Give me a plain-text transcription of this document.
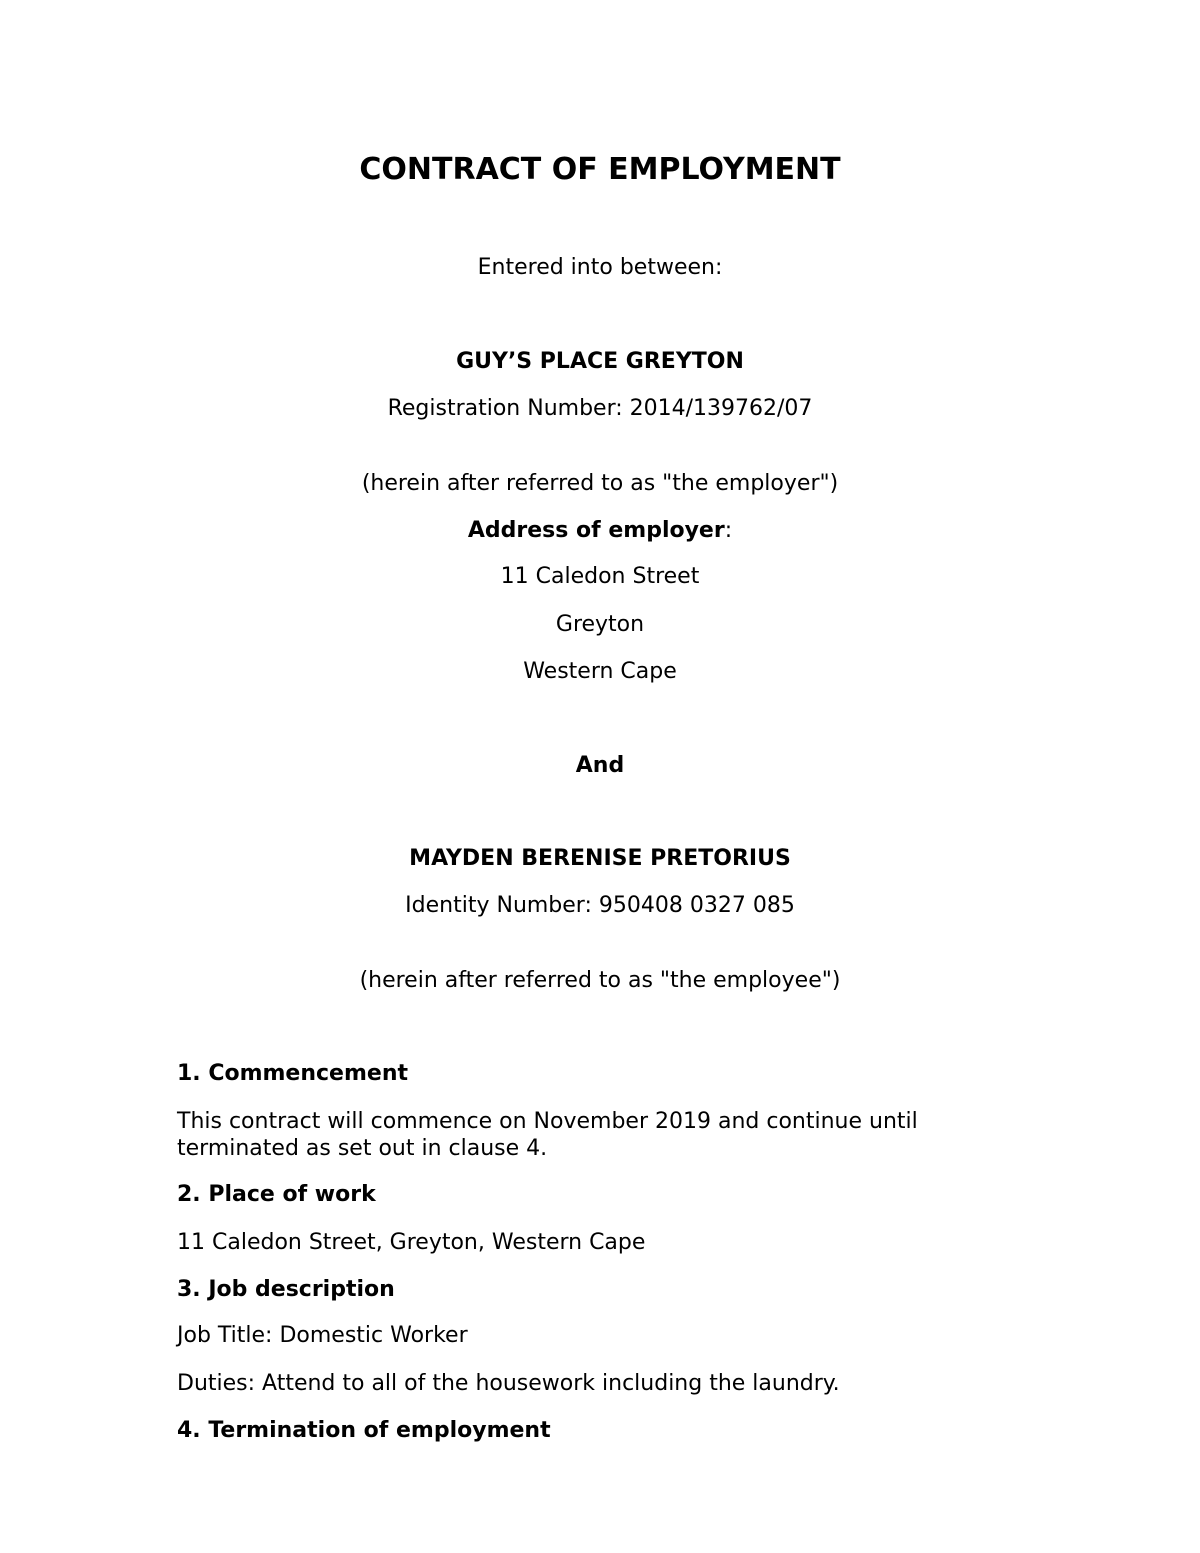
CONTRACT OF EMPLOYMENT
Entered into between:
GUY’S PLACE GREYTON
Registration Number: 2014/139762/07
(herein after referred to as "the employer")
Address of employer:
11 Caledon Street
Greyton
Western Cape
And
MAYDEN BERENISE PRETORIUS
Identity Number: 950408 0327 085
(herein after referred to as "the employee")
1. Commencement
This contract will commence on November 2019 and continue until terminated as set out in clause 4.
2. Place of work
11 Caledon Street, Greyton, Western Cape
3. Job description
Job Title: Domestic Worker
Duties: Attend to all of the housework including the laundry.
4. Termination of employment
